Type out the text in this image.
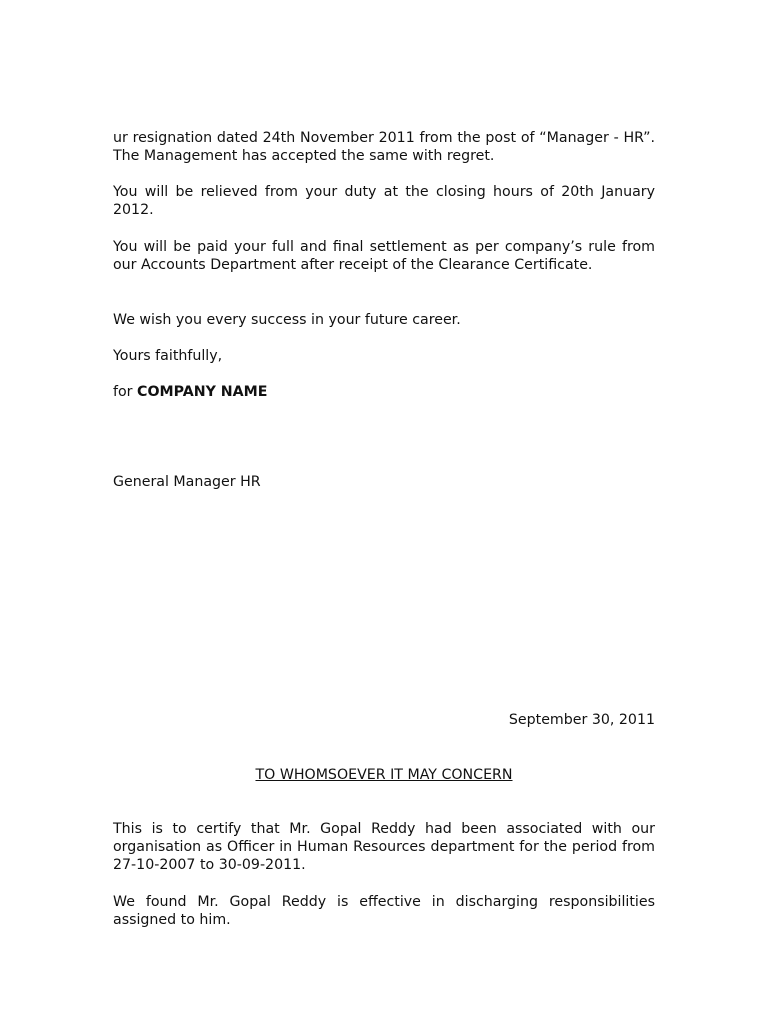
ur resignation dated 24th November 2011 from the post of “Manager - HR”. The Management has accepted the same with regret.

You will be relieved from your duty at the closing hours of 20th January 2012.

You will be paid your full and final settlement as per company’s rule from our Accounts Department after receipt of the Clearance Certificate.

We wish you every success in your future career.

Yours faithfully,

for COMPANY NAME

General Manager HR

September 30, 2011

TO WHOMSOEVER IT MAY CONCERN

This is to certify that Mr. Gopal Reddy had been associated with our organisation as Officer in Human Resources department for the period from 27-10-2007 to 30-09-2011.

We found Mr. Gopal Reddy is effective in discharging responsibilities assigned to him.
